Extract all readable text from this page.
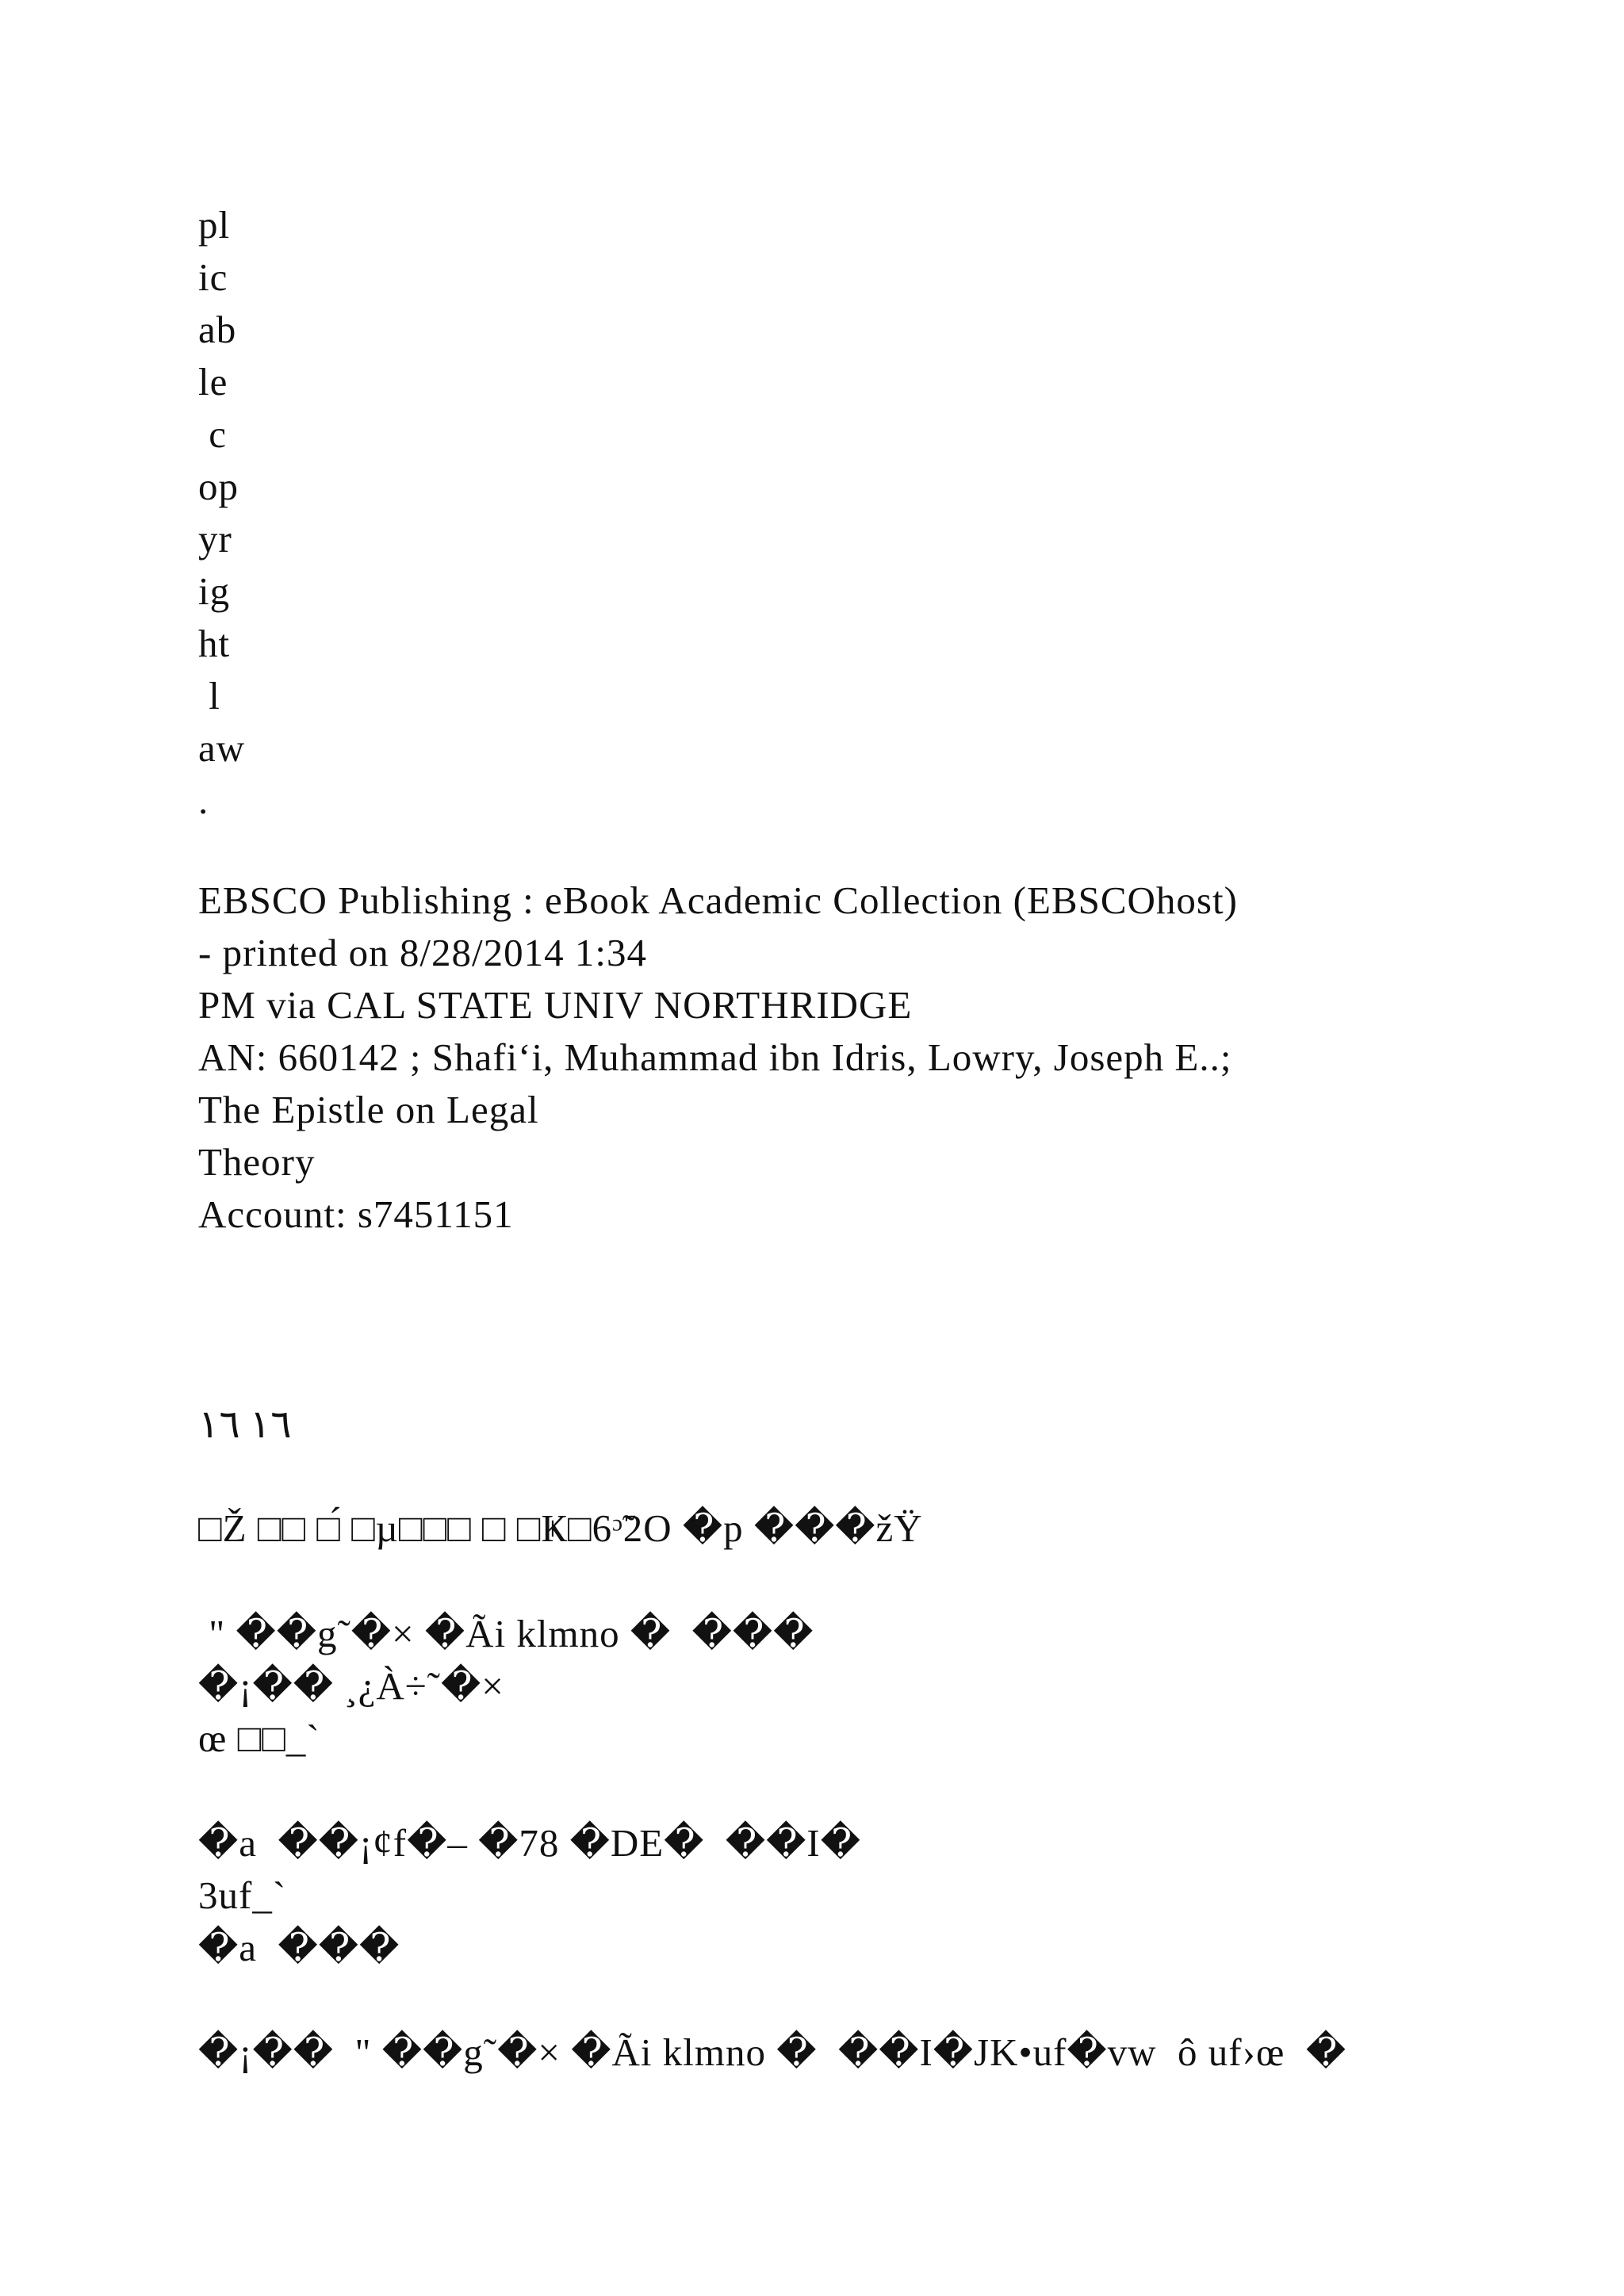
pl
ic
ab
le
c
op
yr
ig
ht
l
aw
.
EBSCO Publishing : eBook Academic Collection (EBSCOhost)
- printed on 8/28/2014 1:34
PM via CAL STATE UNIV NORTHRIDGE
AN: 660142 ; Shafi‘i, Muhammad ibn Idris, Lowry, Joseph E..;
The Epistle on Legal
Theory
Account: s7451151
١٦ ١٦
□Ž □□ □́ □µ□□□ □ □Ҝ□6ᵓ̃2O �p ���žŸ
" ��g˜�× �Ãi klmno �  ���
�¡�� ¸¿À÷˜�×
œ □□_`
�a  ��¡¢f�– �78 �DE�  ��I�
3uf_`
�a  ���
�¡��  " ��g˜�× �Ãi klmno �  ��I�JK•uf�vw  ô uf›œ  �
